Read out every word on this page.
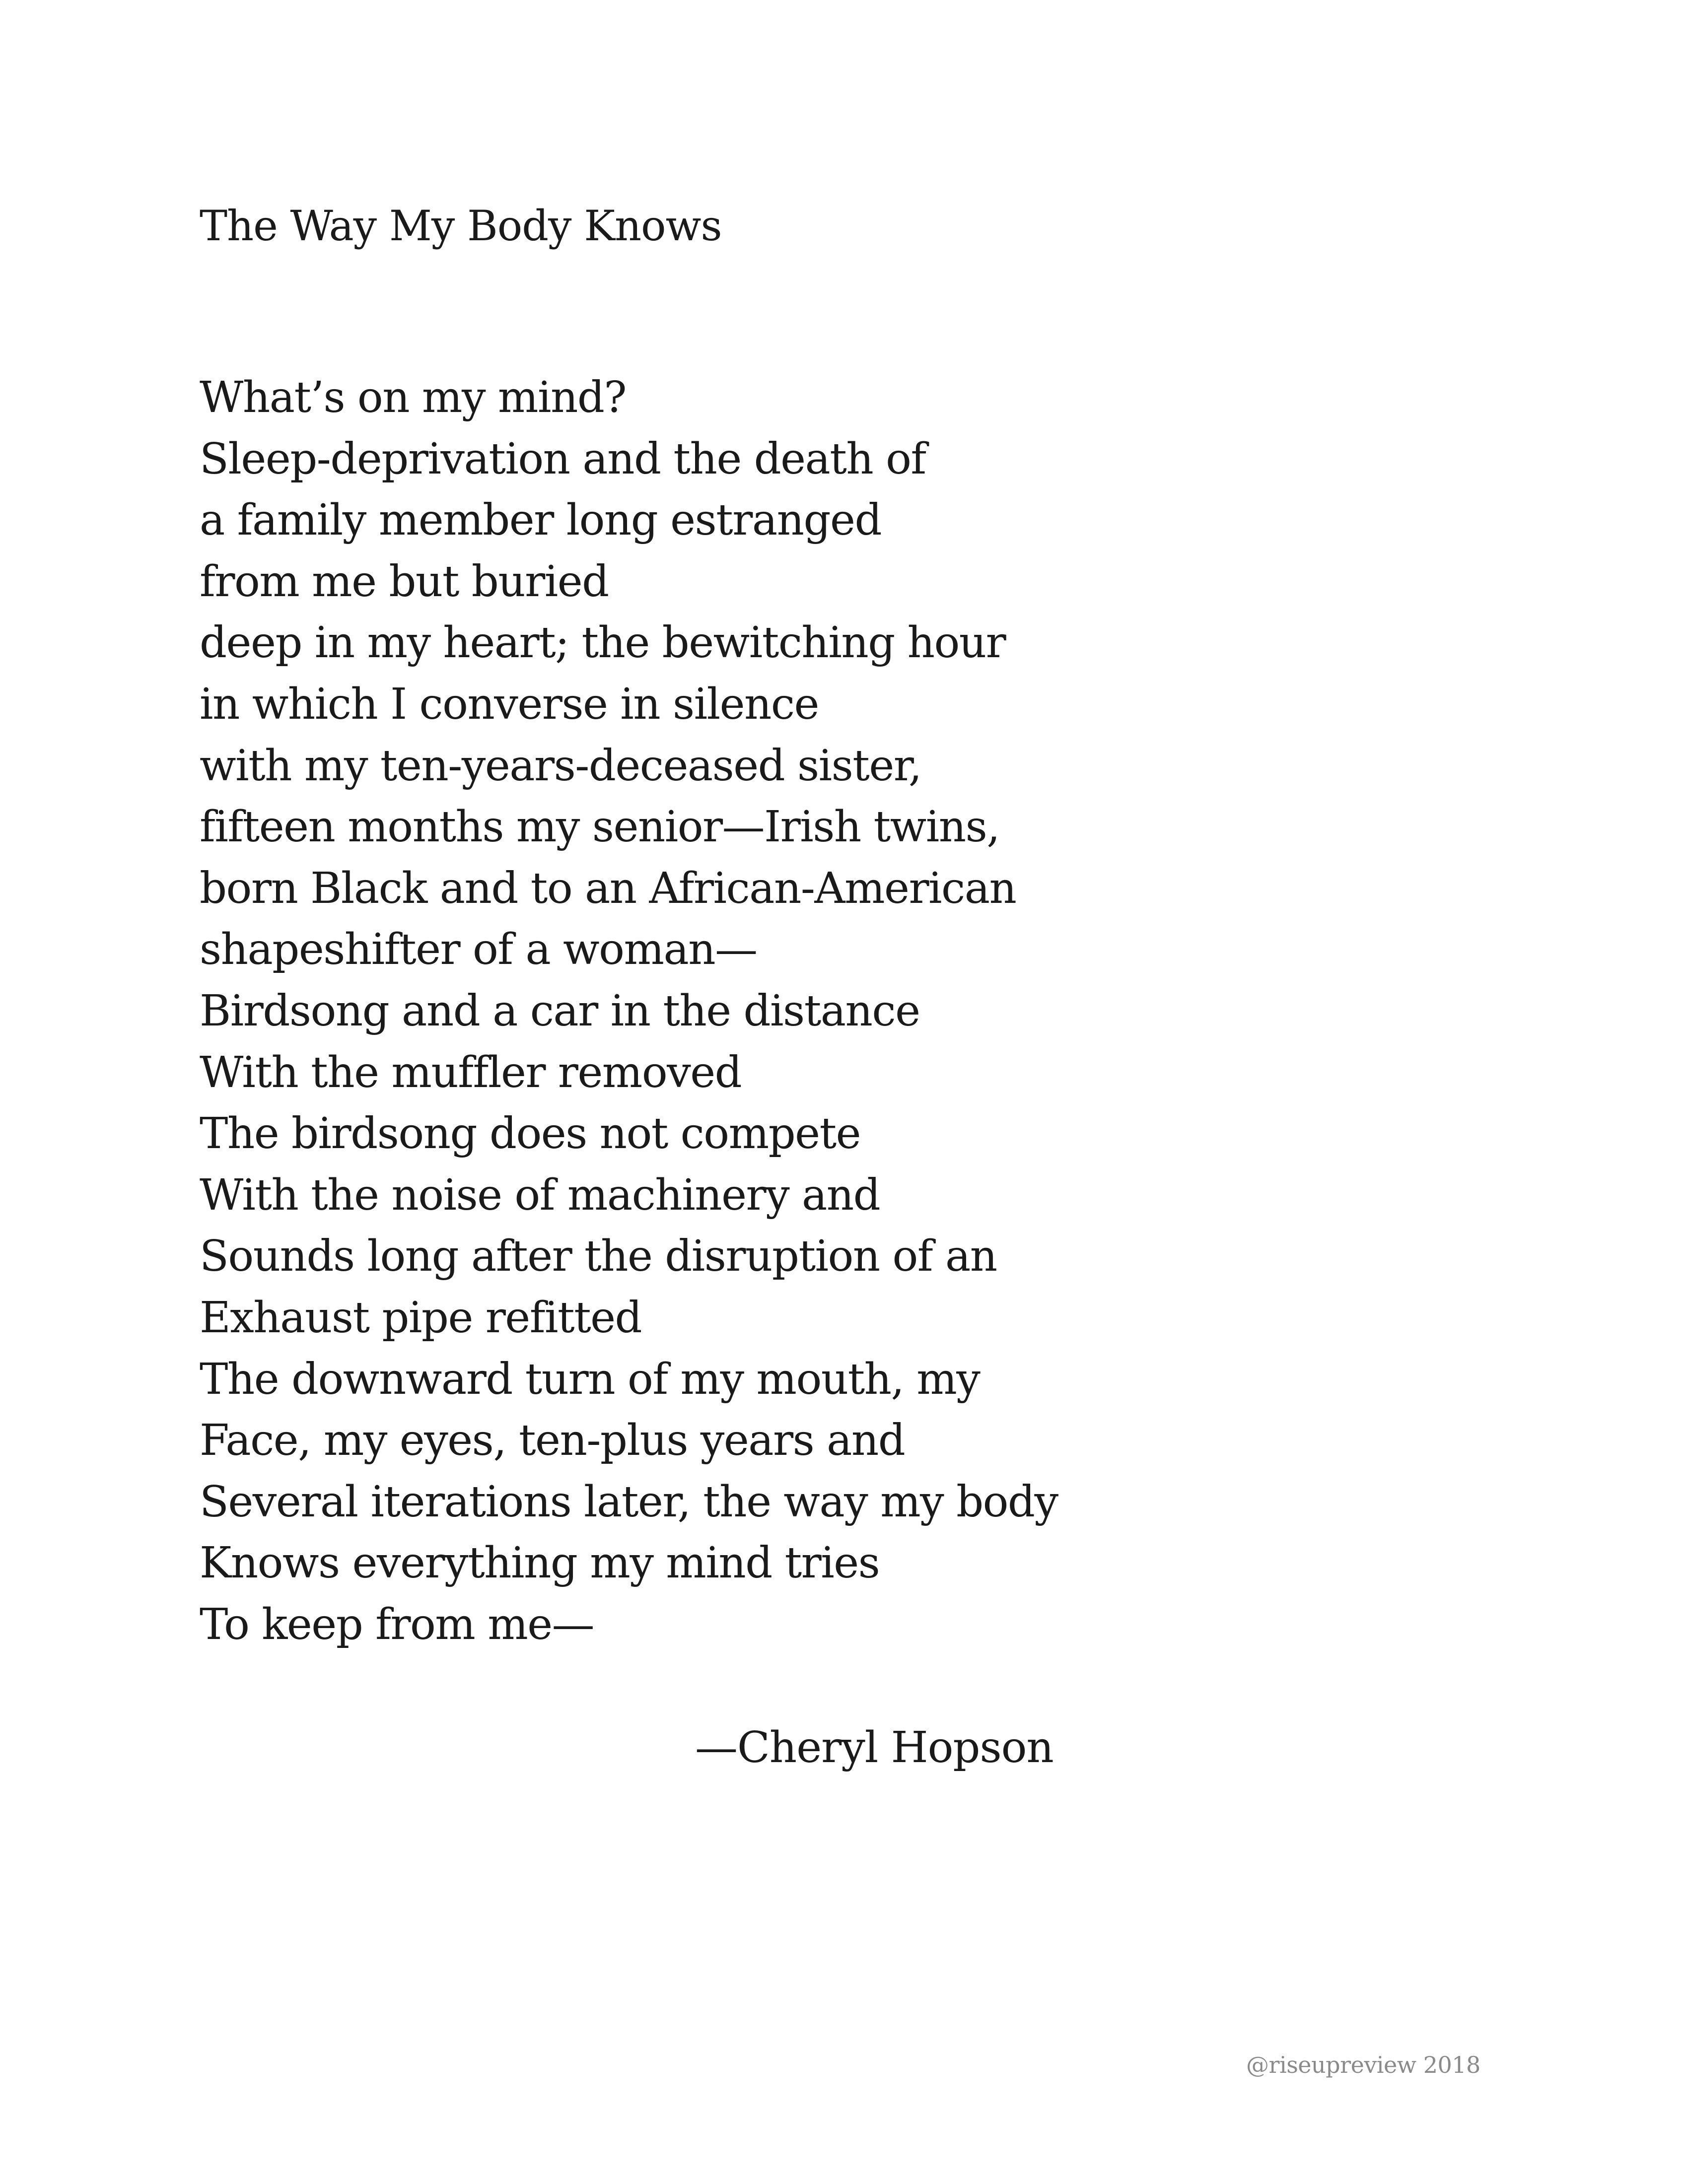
The Way My Body Knows
What’s on my mind?
Sleep-deprivation and the death of
a family member long estranged
from me but buried
deep in my heart; the bewitching hour
in which I converse in silence
with my ten-years-deceased sister,
fifteen months my senior—Irish twins,
born Black and to an African-American
shapeshifter of a woman—
Birdsong and a car in the distance
With the muffler removed
The birdsong does not compete
With the noise of machinery and
Sounds long after the disruption of an
Exhaust pipe refitted
The downward turn of my mouth, my
Face, my eyes, ten-plus years and
Several iterations later, the way my body
Knows everything my mind tries
To keep from me—
—Cheryl Hopson
@riseupreview 2018
